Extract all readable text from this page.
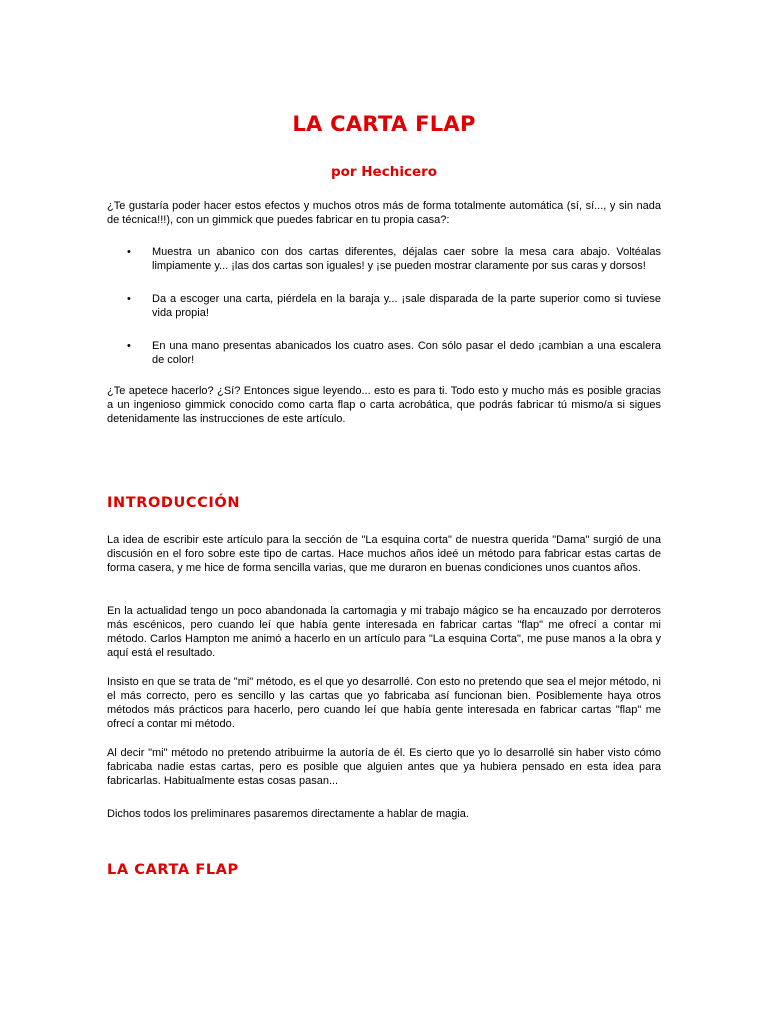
LA CARTA FLAP
por Hechicero

¿Te gustaría poder hacer estos efectos y muchos otros más de forma totalmente automática (sí, sí..., y sin nada de técnica!!!), con un gimmick que puedes fabricar en tu propia casa?:

•	Muestra un abanico con dos cartas diferentes, déjalas caer sobre la mesa cara abajo. Voltéalas limpiamente y... ¡las dos cartas son iguales! y ¡se pueden mostrar claramente por sus caras y dorsos!

•	Da a escoger una carta, piérdela en la baraja y... ¡sale disparada de la parte superior como si tuviese vida propia!

•	En una mano presentas abanicados los cuatro ases. Con sólo pasar el dedo ¡cambian a una escalera de color!

¿Te apetece hacerlo? ¿Sí? Entonces sigue leyendo... esto es para ti. Todo esto y mucho más es posible gracias a un ingenioso gimmick conocido como carta flap o carta acrobática, que podrás fabricar tú mismo/a si sigues detenidamente las instrucciones de este artículo.

INTRODUCCIÓN

La idea de escribir este artículo para la sección de "La esquina corta" de nuestra querida "Dama" surgió de una discusión en el foro sobre este tipo de cartas. Hace muchos años ideé un método para fabricar estas cartas de forma casera, y me hice de forma sencilla varias, que me duraron en buenas condiciones unos cuantos años.

En la actualidad tengo un poco abandonada la cartomagia y mi trabajo mágico se ha encauzado por derroteros más escénicos, pero cuando leí que había gente interesada en fabricar cartas "flap" me ofrecí a contar mi método. Carlos Hampton me animó a hacerlo en un artículo para "La esquina Corta", me puse manos a la obra y aquí está el resultado.

Insisto en que se trata de "mi" método, es el que yo desarrollé. Con esto no pretendo que sea el mejor método, ni el más correcto, pero es sencillo y las cartas que yo fabricaba así funcionan bien. Posiblemente haya otros métodos más prácticos para hacerlo, pero cuando leí que había gente interesada en fabricar cartas "flap" me ofrecí a contar mi método.

Al decir "mi" método no pretendo atribuirme la autoría de él. Es cierto que yo lo desarrollé sin haber visto cómo fabricaba nadie estas cartas, pero es posible que alguien antes que ya hubiera pensado en esta idea para fabricarlas. Habitualmente estas cosas pasan...

Dichos todos los preliminares pasaremos directamente a hablar de magia.

LA CARTA FLAP
